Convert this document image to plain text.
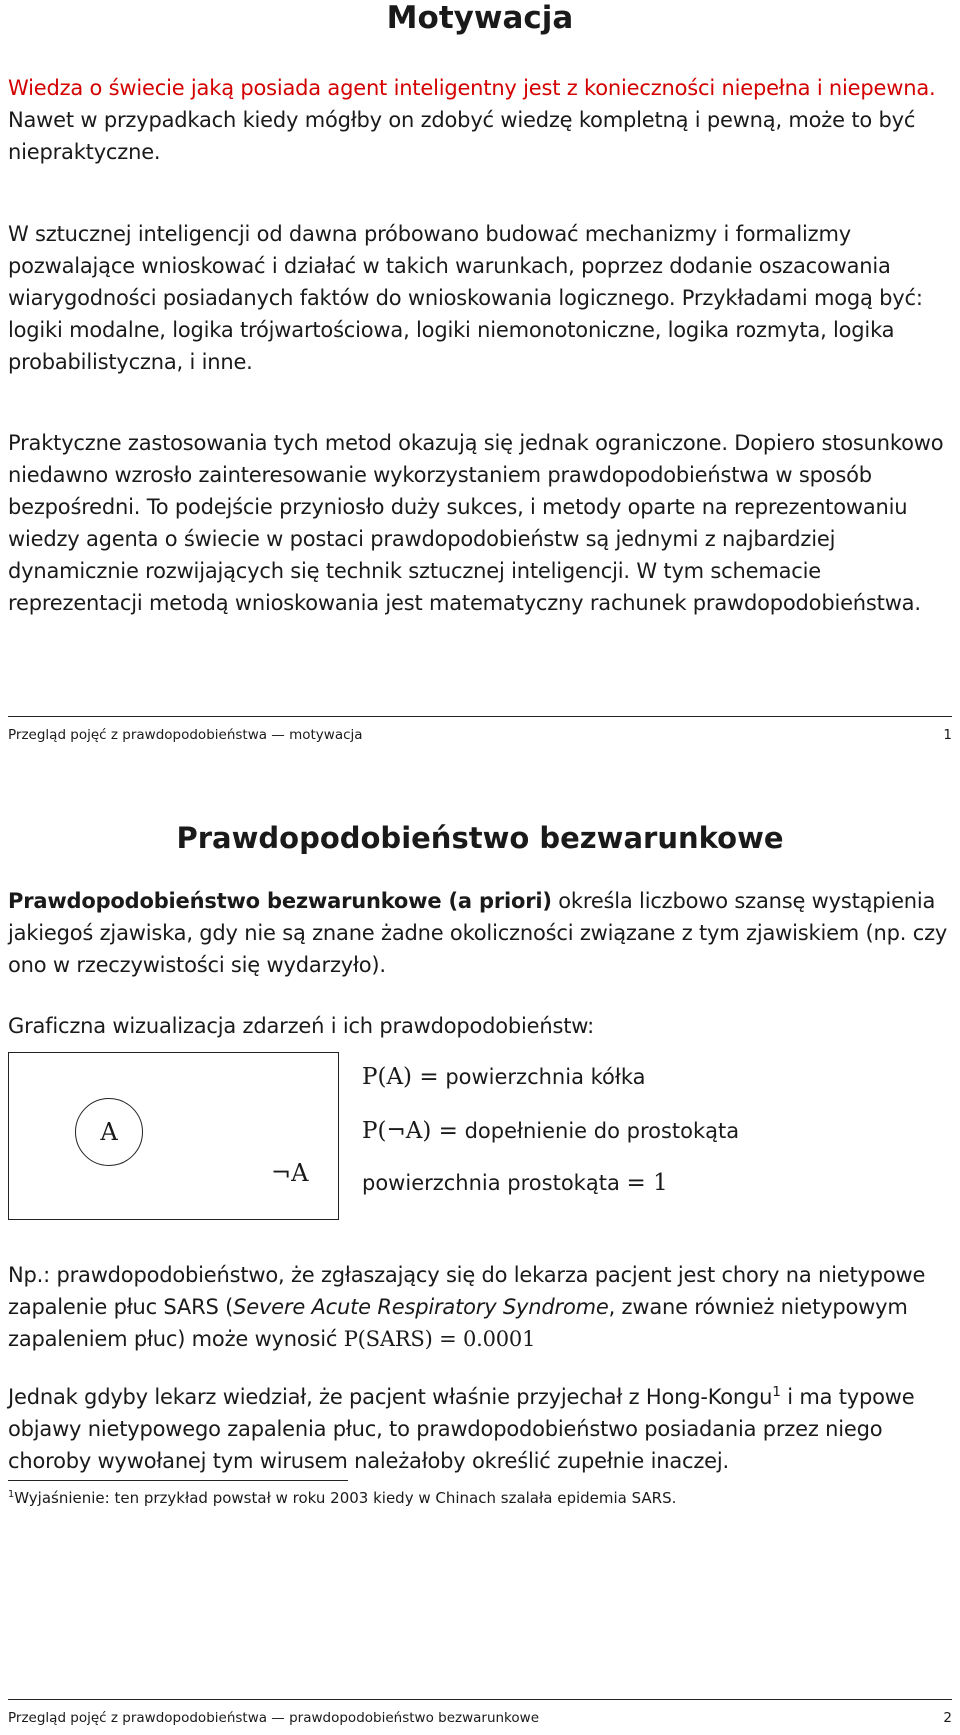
Motywacja

Wiedza o świecie jaką posiada agent inteligentny jest z konieczności niepełna i niepewna. Nawet w przypadkach kiedy mógłby on zdobyć wiedzę kompletną i pewną, może to być niepraktyczne.

W sztucznej inteligencji od dawna próbowano budować mechanizmy i formalizmy pozwalające wnioskować i działać w takich warunkach, poprzez dodanie oszacowania wiarygodności posiadanych faktów do wnioskowania logicznego. Przykładami mogą być: logiki modalne, logika trójwartościowa, logiki niemonotoniczne, logika rozmyta, logika probabilistyczna, i inne.

Praktyczne zastosowania tych metod okazują się jednak ograniczone. Dopiero stosunkowo niedawno wzrosło zainteresowanie wykorzystaniem prawdopodobieństwa w sposób bezpośredni. To podejście przyniosło duży sukces, i metody oparte na reprezentowaniu wiedzy agenta o świecie w postaci prawdopodobieństw są jednymi z najbardziej dynamicznie rozwijających się technik sztucznej inteligencji. W tym schemacie reprezentacji metodą wnioskowania jest matematyczny rachunek prawdopodobieństwa.

Przegląd pojęć z prawdopodobieństwa — motywacja	1
Prawdopodobieństwo bezwarunkowe

Prawdopodobieństwo bezwarunkowe (a priori) określa liczbowo szansę wystąpienia jakiegoś zjawiska, gdy nie są znane żadne okoliczności związane z tym zjawiskiem (np. czy ono w rzeczywistości się wydarzyło).

Graficzna wizualizacja zdarzeń i ich prawdopodobieństw:

A
¬A
P(A) = powierzchnia kółka
P(¬A) = dopełnienie do prostokąta
powierzchnia prostokąta = 1

Np.: prawdopodobieństwo, że zgłaszający się do lekarza pacjent jest chory na nietypowe zapalenie płuc SARS (Severe Acute Respiratory Syndrome, zwane również nietypowym zapaleniem płuc) może wynosić P(SARS) = 0.0001

Jednak gdyby lekarz wiedział, że pacjent właśnie przyjechał z Hong-Kongu$^1$ i ma typowe objawy nietypowego zapalenia płuc, to prawdopodobieństwo posiadania przez niego choroby wywołanej tym wirusem należałoby określić zupełnie inaczej.

$^1$Wyjaśnienie: ten przykład powstał w roku 2003 kiedy w Chinach szalała epidemia SARS.
Przegląd pojęć z prawdopodobieństwa — prawdopodobieństwo bezwarunkowe	2
